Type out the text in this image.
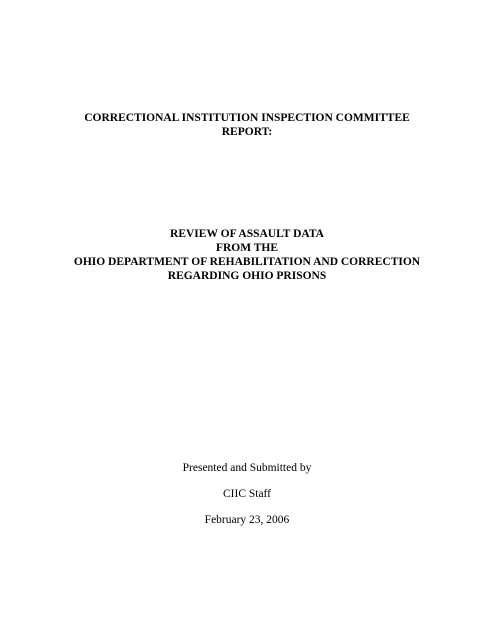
CORRECTIONAL INSTITUTION INSPECTION COMMITTEE
REPORT:
REVIEW OF ASSAULT DATA
FROM THE
OHIO DEPARTMENT OF REHABILITATION AND CORRECTION
REGARDING OHIO PRISONS
Presented and Submitted by
CIIC Staff
February 23, 2006
